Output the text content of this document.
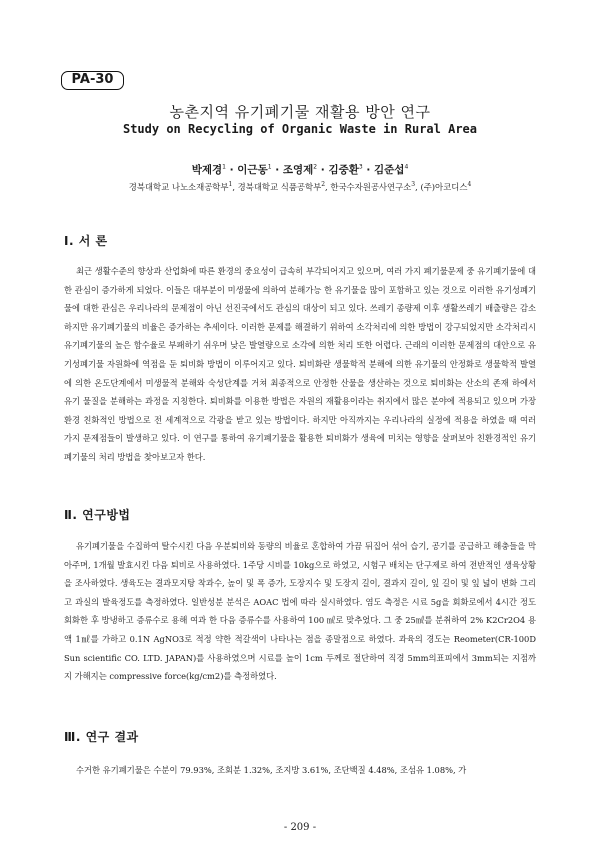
PA-30
농촌지역 유기폐기물 재활용 방안 연구
Study on Recycling of Organic Waste in Rural Area
박제경$^1$ · 이근동$^1$ · 조영제$^2$ · 김중환$^3$ · 김준섭$^4$
경북대학교 나노소재공학부$^1$, 경북대학교 식품공학부$^2$, 한국수자원공사연구소$^3$, (주)아코디스$^4$
Ⅰ. 서 론

최근 생활수준의 향상과 산업화에 따른 환경의 중요성이 급속히 부각되어지고 있으며, 여러 가지 폐기물문제 중 유기폐기물에 대한 관심이 증가하게 되었다. 이들은 대부분이 미생물에 의하여 분해가능 한 유기물을 많이 포함하고 있는 것으로 이러한 유기성폐기물에 대한 관심은 우리나라의 문제점이 아닌 선진국에서도 관심의 대상이 되고 있다. 쓰레기 종량제 이후 생활쓰레기 배출량은 감소하지만 유기폐기물의 비율은 증가하는 추세이다. 이러한 문제를 해결하기 위하여 소각처리에 의한 방법이 강구되었지만 소각처리시 유기폐기물의 높은 함수율로 부패하기 쉬우며 낮은 발열량으로 소각에 의한 처리 또한 어렵다. 근래의 이러한 문제점의 대안으로 유기성폐기물 자원화에 역점을 둔 퇴비화 방법이 이루어지고 있다. 퇴비화란 생물학적 분해에 의한 유기물의 안정화로 생물학적 발열에 의한 온도단계에서 미생물적 분해와 숙성단계를 거쳐 최종적으로 안정한 산물을 생산하는 것으로 퇴비화는 산소의 존재 하에서 유기 물질을 분해하는 과정을 지칭한다. 퇴비화를 이용한 방법은 자원의 재활용이라는 취지에서 많은 분야에 적용되고 있으며 가장 환경 친화적인 방법으로 전 세계적으로 각광을 받고 있는 방법이다. 하지만 아직까지는 우리나라의 실정에 적용을 하였을 때 여러 가지 문제점들이 발생하고 있다. 이 연구를 통하여 유기폐기물을 활용한 퇴비화가 생육에 미치는 영향을 살펴보아 친환경적인 유기폐기물의 처리 방법을 찾아보고자 한다.

Ⅱ. 연구방법

유기폐기물을 수집하여 탈수시킨 다음 우분퇴비와 동량의 비율로 혼합하여 가끔 뒤집어 섞어 습기, 공기를 공급하고 해충들을 막아주며, 1개월 발효시킨 다음 퇴비로 사용하였다. 1주당 시비를 10kg으로 하였고, 시험구 배치는 단구제로 하여 전반적인 생육상황을 조사하였다. 생육도는 결과모지탕 착과수, 높이 및 폭 증가, 도장지수 및 도장지 길이, 결과지 길이, 잎 길이 및 잎 넓이 변화 그리고 과실의 발육정도를 측정하였다. 일반성분 분석은 AOAC 법에 따라 실시하였다. 염도 측정은 시료 5g을 회화로에서 4시간 정도 회화한 후 방냉하고 증류수로 용해 여과 한 다음 증류수를 사용하여 100 ㎖로 맞추었다. 그 중 25㎖를 분취하여 2% K2Cr2O4 용액 1㎖를 가하고 0.1N AgNO3로 적정 약한 적갈색이 나타나는 점을 종말점으로 하였다. 과육의 경도는 Reometer(CR-100D Sun scientific CO. LTD. JAPAN)를 사용하였으며 시료를 높이 1cm 두께로 절단하여 직경 5mm의표피에서 3mm되는 지점까지 가해지는 compressive force(kg/cm2)를 측정하였다.

Ⅲ. 연구 결과

수거한 유기폐기물은 수분이 79.93%, 조회분 1.32%, 조지방 3.61%, 조단백질 4.48%, 조섬유 1.08%, 가

- 209 -
